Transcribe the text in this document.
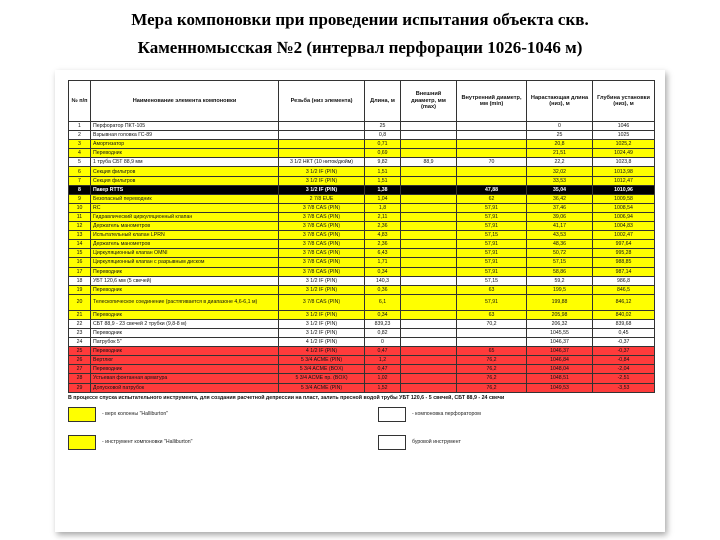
Мера компоновки при проведении испытания объекта скв.
Каменномысская №2 (интервал перфорации 1026-1046 м)
№ п/п	Наименование элемента компоновки	Резьба (низ элемента)	Длина, м	Внешний диаметр, мм (max)	Внутренний диаметр, мм (min)	Нарастающая длина (низ), м	Глубина установки (низ), м
1	Перфоратор ПКТ-105		25			0	1046
2	Взрывная головка ГС-89		0,8			25	1025
3	Амортизатор		0,71			20,8	1025,2
4	Переводник		0,69			21,51	1024,49
5	1 труба СБТ 88,9 мм	3 1/2 НКТ (10 ниток/дюйм)	9,82	88,9	70	22,2	1023,8
6	Секция фильтров	3 1/2 IF (PIN)	1,51			32,02	1013,98
7	Секция фильтров	3 1/2 IF (PIN)	1,51			33,53	1012,47
8	Пакер RTTS	3 1/2 IF (PIN)	1,38		47,88	35,04	1010,96
9	Безопасный переводник	2 7/8 EUE	1,04		62	36,42	1009,58
10	RC	3 7/8 CAS (PIN)	1,8		57,91	37,46	1008,54
11	Гидравлический циркуляционный клапан	3 7/8 CAS (PIN)	2,11		57,91	39,06	1006,94
12	Держатель манометров	3 7/8 CAS (PIN)	2,36		57,91	41,17	1004,83
13	Испытательный клапан LPRN	3 7/8 CAS (PIN)	4,83		57,15	43,53	1002,47
14	Держатель манометров	3 7/8 CAS (PIN)	2,36		57,91	48,36	997,64
15	Циркуляционный клапан OMNI	3 7/8 CAS (PIN)	6,43		57,91	50,72	995,28
16	Циркуляционный клапан с разрывным диском	3 7/8 CAS (PIN)	1,71		57,91	57,15	988,85
17	Переводник	3 7/8 CAS (PIN)	0,34		57,91	58,86	987,14
18	УБТ 120,6 мм (5 свечей)	3 1/2 IF (PIN)	140,3		57,15	59,2	986,8
19	Переводник	3 1/2 IF (PIN)	0,36		63	199,5	846,5
20	Телескопическое соединение (растягивается в диапазоне 4,6-6,1 м)	3 7/8 CAS (PIN)	6,1		57,91	199,88	846,12
21	Переводник	3 1/2 IF (PIN)	0,34		63	205,98	840,02
22	СБТ 88,9 - 23 свечей 2 трубки (9,8-8 м)	3 1/2 IF (PIN)	839,23		70,2	206,32	839,68
23	Переводник	3 1/2 IF (PIN)	0,82			1045,55	0,45
24	Патрубок 5"	4 1/2 IF (PIN)	0			1046,37	-0,37
25	Переводник	4 1/2 IF (PIN)	0,47		65	1046,37	-0,37
26	Вертлюг	5 3/4 ACME (PIN)	1,2		76,2	1046,84	-0,84
27	Переводник	5 3/4 ACME (BOX)	0,47		76,2	1048,04	-2,04
28	Устьевая фонтанная арматура	5 3/4 ACME пр. (BOX)	1,02		76,2	1048,51	-2,51
29	Допусковой патрубок	5 3/4 ACME (PIN)	1,52		76,2	1049,53	-3,53
В процессе спуска испытательного инструмента, для создания расчетной депрессии на пласт, залить пресной водой трубы УБТ 120,6 - 5 свечей, СБТ 88,9 - 24 свечи
- верх колонны "Halliburton"	- компоновка перфоратором
- инструмент компоновки "Halliburton"	буровой инструмент
